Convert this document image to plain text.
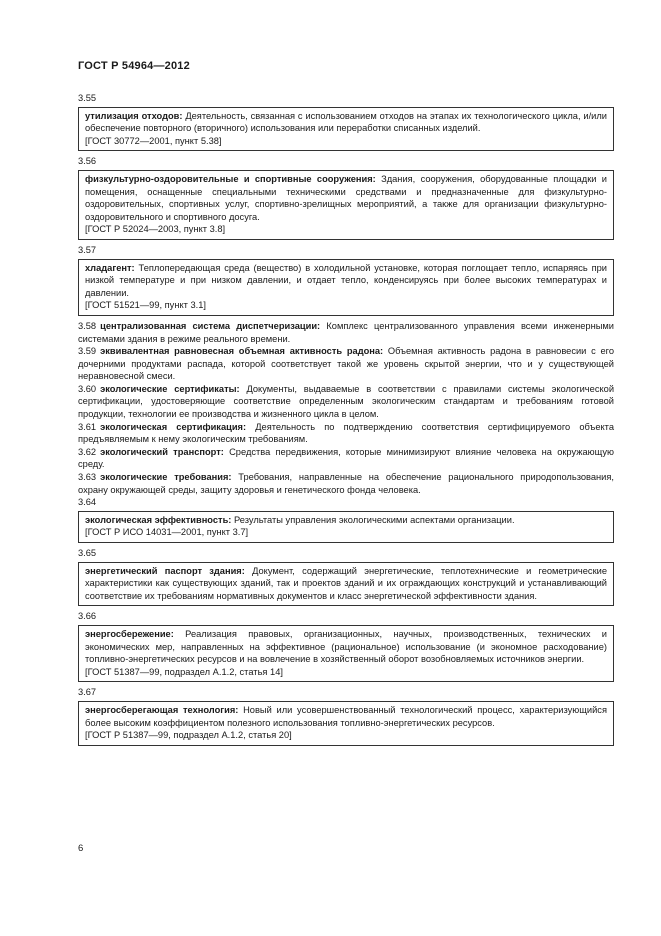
ГОСТ Р 54964—2012
3.55
утилизация отходов: Деятельность, связанная с использованием отходов на этапах их технологического цикла, и/или обеспечение повторного (вторичного) использования или переработки списанных изделий.
[ГОСТ 30772—2001, пункт 5.38]
3.56
физкультурно-оздоровительные и спортивные сооружения: Здания, сооружения, оборудованные площадки и помещения, оснащенные специальными техническими средствами и предназначенные для физкультурно-оздоровительных, спортивных услуг, спортивно-зрелищных мероприятий, а также для организации физкультурно-оздоровительного и спортивного досуга.
[ГОСТ Р 52024—2003, пункт 3.8]
3.57
хладагент: Теплопередающая среда (вещество) в холодильной установке, которая поглощает тепло, испаряясь при низкой температуре и при низком давлении, и отдает тепло, конденсируясь при более высоких температурах и давлении.
[ГОСТ 51521—99, пункт 3.1]

3.58 централизованная система диспетчеризации: Комплекс централизованного управления всеми инженерными системами здания в режиме реального времени.

3.59 эквивалентная равновесная объемная активность радона: Объемная активность радона в равновесии с его дочерними продуктами распада, которой соответствует такой же уровень скрытой энергии, что и у существующей неравновесной смеси.

3.60 экологические сертификаты: Документы, выдаваемые в соответствии с правилами системы экологической сертификации, удостоверяющие соответствие определенным экологическим стандартам и требованиям готовой продукции, технологии ее производства и жизненного цикла в целом.

3.61 экологическая сертификация: Деятельность по подтверждению соответствия сертифицируемого объекта предъявляемым к нему экологическим требованиям.

3.62 экологический транспорт: Средства передвижения, которые минимизируют влияние человека на окружающую среду.

3.63 экологические требования: Требования, направленные на обеспечение рационального природопользования, охрану окружающей среды, защиту здоровья и генетического фонда человека.

3.64
экологическая эффективность: Результаты управления экологическими аспектами организации.
[ГОСТ Р ИСО 14031—2001, пункт 3.7]
3.65
энергетический паспорт здания: Документ, содержащий энергетические, теплотехнические и геометрические характеристики как существующих зданий, так и проектов зданий и их ограждающих конструкций и устанавливающий соответствие их требованиям нормативных документов и класс энергетической эффективности здания.
3.66
энергосбережение: Реализация правовых, организационных, научных, производственных, технических и экономических мер, направленных на эффективное (рациональное) использование (и экономное расходование) топливно-энергетических ресурсов и на вовлечение в хозяйственный оборот возобновляемых источников энергии.
[ГОСТ 51387—99, подраздел А.1.2, статья 14]
3.67
энергосберегающая технология: Новый или усовершенствованный технологический процесс, характеризующийся более высоким коэффициентом полезного использования топливно-энергетических ресурсов.
[ГОСТ Р 51387—99, подраздел А.1.2, статья 20]
6
